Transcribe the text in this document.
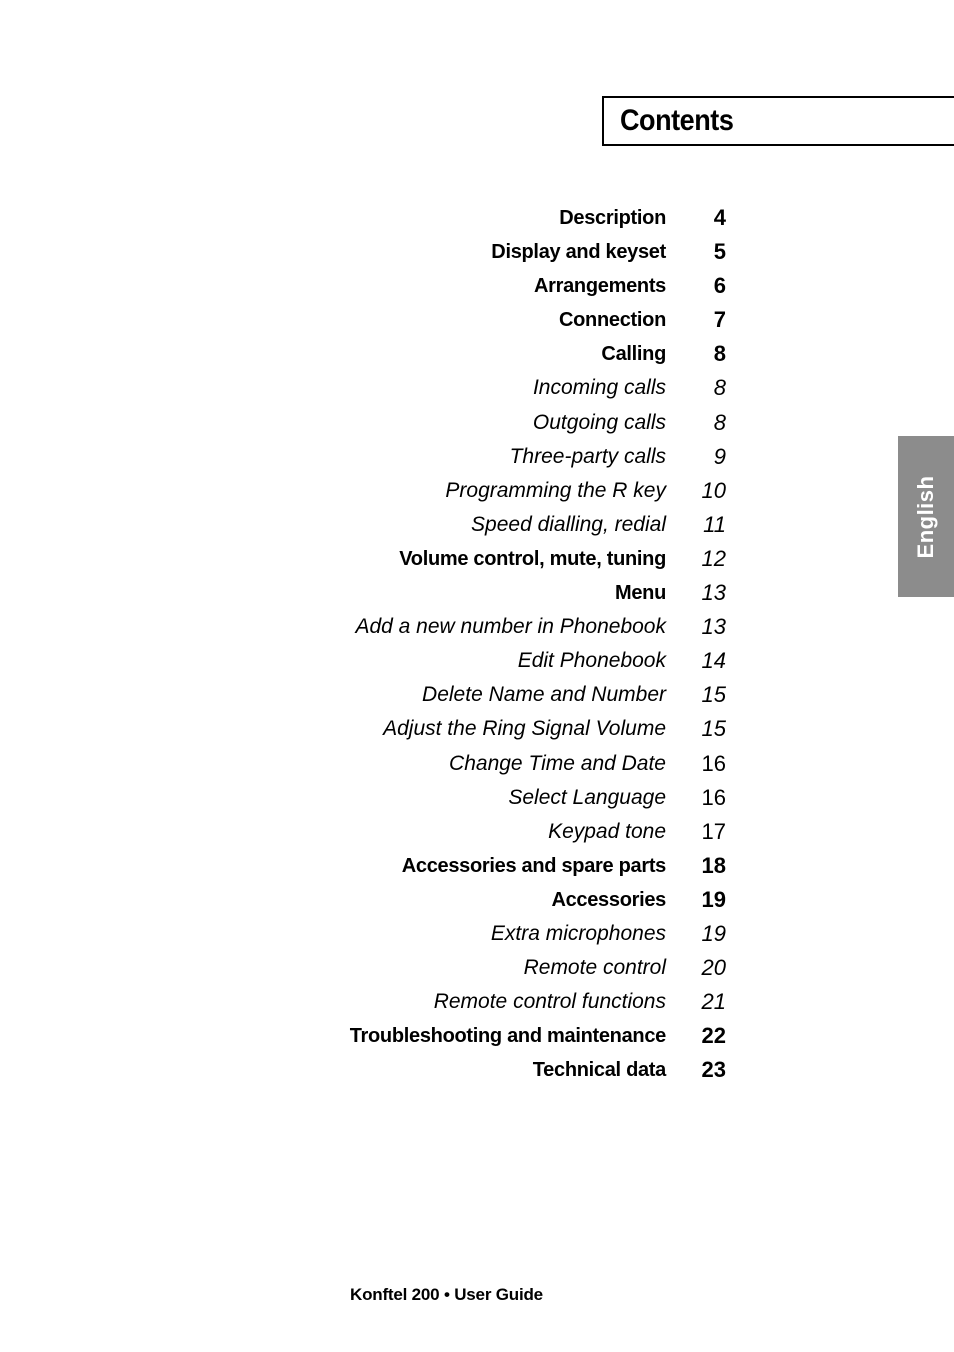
Contents
Description 4
Display and keyset 5
Arrangements 6
Connection 7
Calling 8
Incoming calls 8
Outgoing calls 8
Three-party calls 9
Programming the R key 10
Speed dialling, redial 11
Volume control, mute, tuning 12
Menu 13
Add a new number in Phonebook 13
Edit Phonebook 14
Delete Name and Number 15
Adjust the Ring Signal Volume 15
Change Time and Date 16
Select Language 16
Keypad tone 17
Accessories and spare parts 18
Accessories 19
Extra microphones 19
Remote control 20
Remote control functions 21
Troubleshooting and maintenance 22
Technical data 23
English
Konftel 200 • User Guide
